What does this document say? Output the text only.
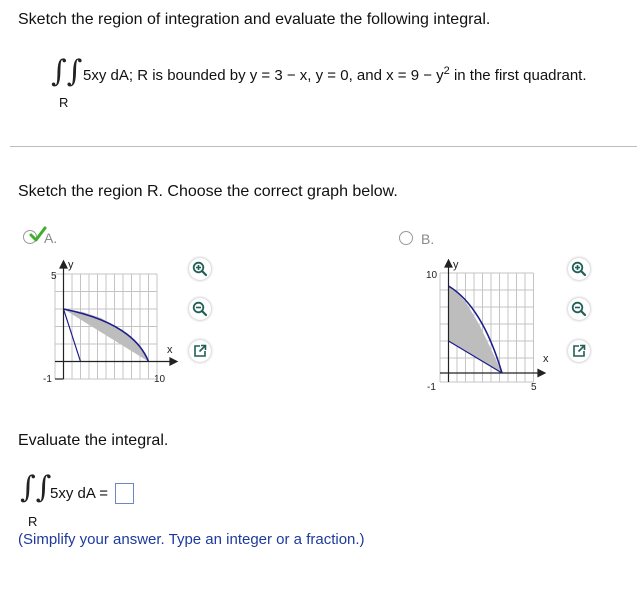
Sketch the region of integration and evaluate the following integral.
∫∫ 5xy dA; R is bounded by y = 3 − x, y = 0, and $x = 9 - y^2$ in the first quadrant.
R
Sketch the region R. Choose the correct graph below.
A.
y
x
5
-1	10
B.
y
x
10
-1	5
Evaluate the integral.
∫∫
5xy dA =
R
(Simplify your answer. Type an integer or a fraction.)
